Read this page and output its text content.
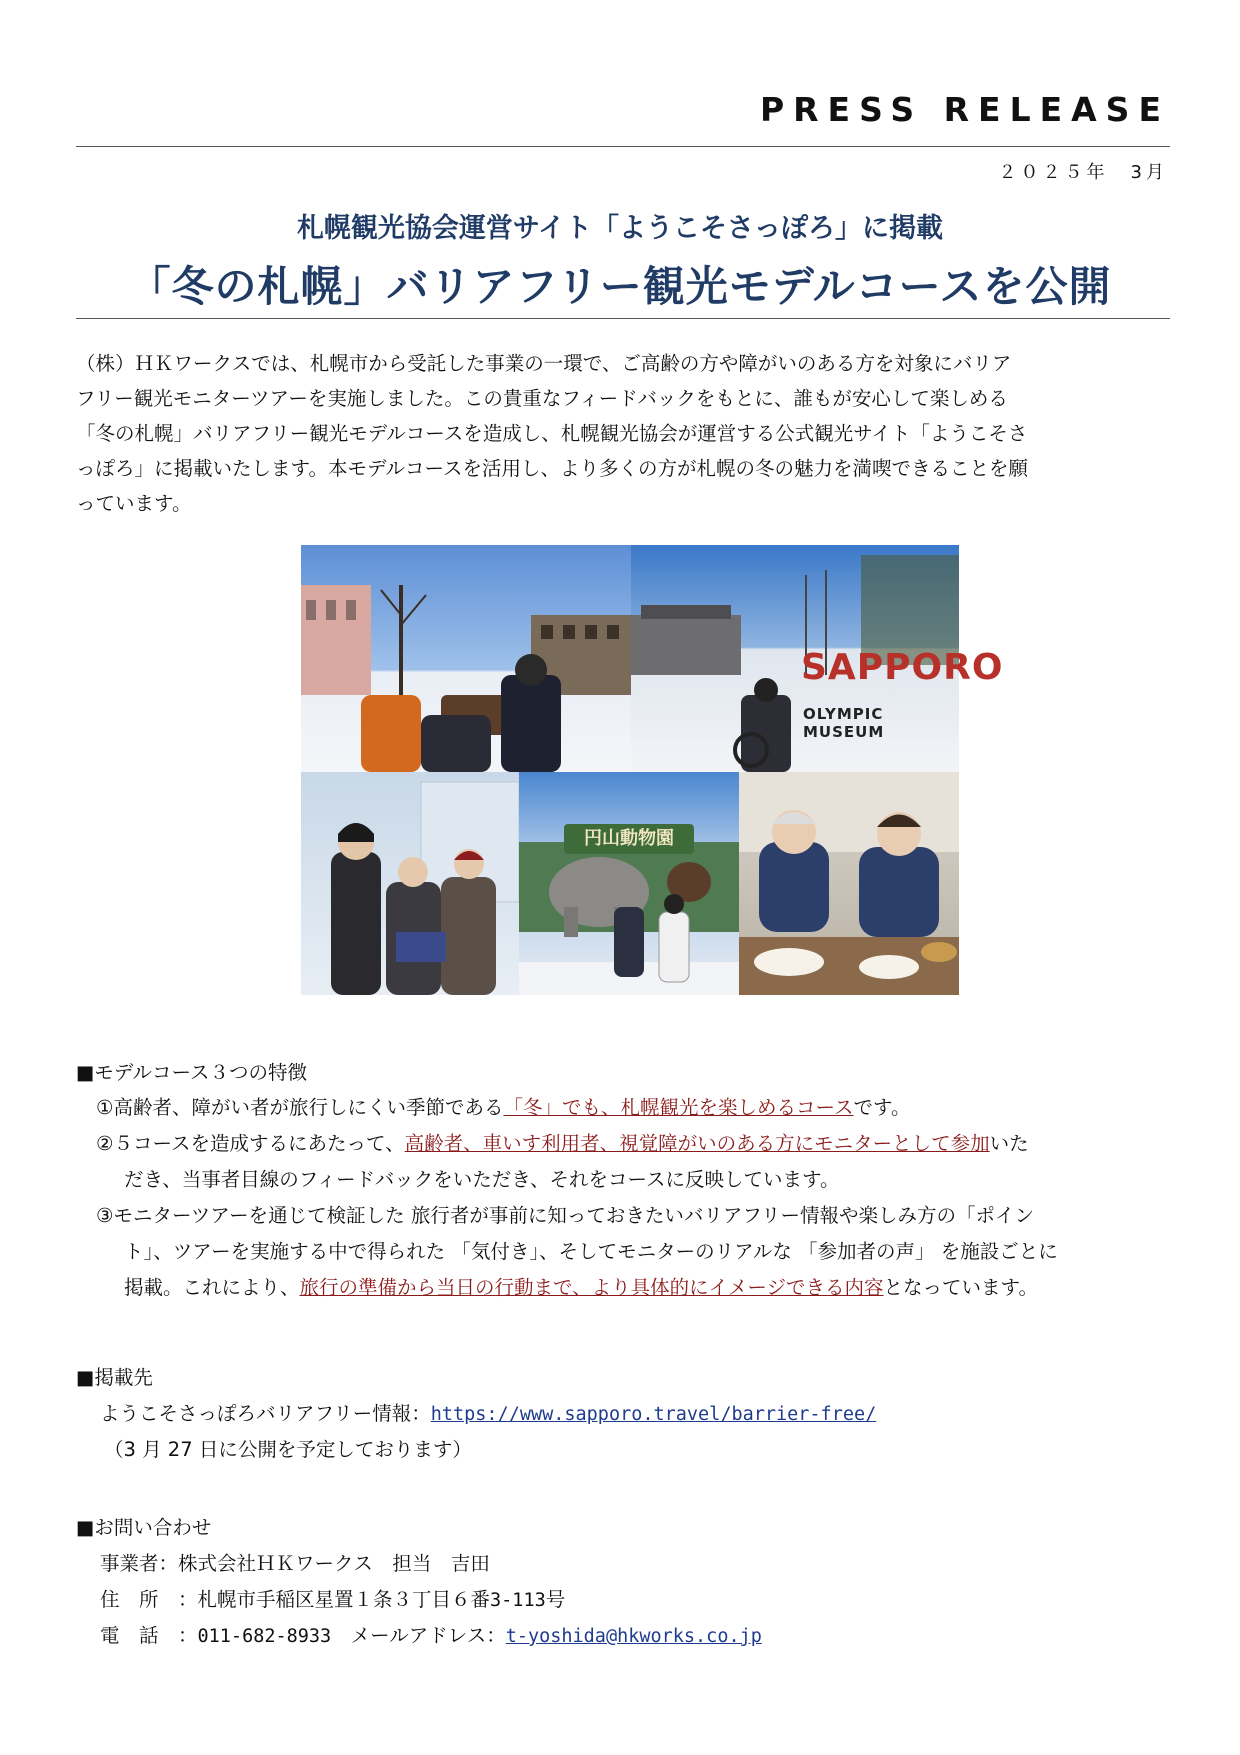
PRESS RELEASE
２０２５年　3月
札幌観光協会運営サイト「ようこそさっぽろ」に掲載
「冬の札幌」バリアフリー観光モデルコースを公開

（株）ＨＫワークスでは、札幌市から受託した事業の一環で、ご高齢の方や障がいのある方を対象にバリア

フリー観光モニターツアーを実施しました。この貴重なフィードバックをもとに、誰もが安心して楽しめる

「冬の札幌」バリアフリー観光モデルコースを造成し、札幌観光協会が運営する公式観光サイト「ようこそさ

っぽろ」に掲載いたします。本モデルコースを活用し、より多くの方が札幌の冬の魅力を満喫できることを願

っています。

SAPPORO
OLYMPIC MUSEUM
円山動物園
■モデルコース３つの特徴
①高齢者、障がい者が旅行しにくい季節である「冬」でも、札幌観光を楽しめるコースです。
②５コースを造成するにあたって、高齢者、車いす利用者、視覚障がいのある方にモニターとして参加いた
だき、当事者目線のフィードバックをいただき、それをコースに反映しています。
③モニターツアーを通じて検証した 旅行者が事前に知っておきたいバリアフリー情報や楽しみ方の「ポイン
ト」、ツアーを実施する中で得られた 「気付き」、そしてモニターのリアルな 「参加者の声」 を施設ごとに
掲載。これにより、旅行の準備から当日の行動まで、より具体的にイメージできる内容となっています。
■掲載先
ようこそさっぽろバリアフリー情報：https://www.sapporo.travel/barrier-free/
（3 月 27 日に公開を予定しております）
■お問い合わせ
事業者：株式会社ＨＫワークス　担当　吉田
住　所　：札幌市手稲区星置１条３丁目６番3-113号
電　話　：011-682-8933　メールアドレス：t-yoshida@hkworks.co.jp
